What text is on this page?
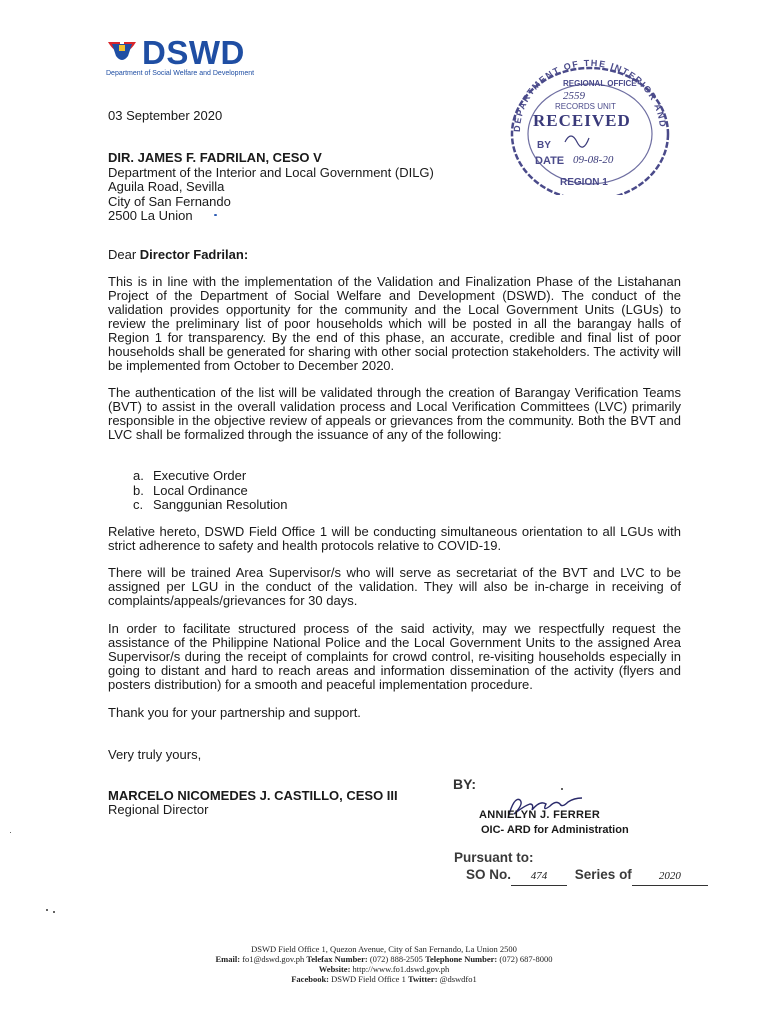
DSWD
Department of Social Welfare and Development
DEPARTMENT OF THE INTERIOR AND
REGIONAL OFFICE
2559
RECORDS UNIT
RECEIVED
BY
DATE 09-08-20
REGION 1
03 September 2020
DIR. JAMES F. FADRILAN, CESO V
Department of the Interior and Local Government (DILG)
Aguila Road, Sevilla
City of San Fernando
2500 La Union
Dear Director Fadrilan:
This is in line with the implementation of the Validation and Finalization Phase of the Listahanan Project of the Department of Social Welfare and Development (DSWD). The conduct of the validation provides opportunity for the community and the Local Government Units (LGUs) to review the preliminary list of poor households which will be posted in all the barangay halls of Region 1 for transparency. By the end of this phase, an accurate, credible and final list of poor households shall be generated for sharing with other social protection stakeholders. The activity will be implemented from October to December 2020.
The authentication of the list will be validated through the creation of Barangay Verification Teams (BVT) to assist in the overall validation process and Local Verification Committees (LVC) primarily responsible in the objective review of appeals or grievances from the community. Both the BVT and LVC shall be formalized through the issuance of any of the following:
a. Executive Order
b. Local Ordinance
c. Sanggunian Resolution
Relative hereto, DSWD Field Office 1 will be conducting simultaneous orientation to all LGUs with strict adherence to safety and health protocols relative to COVID-19.
There will be trained Area Supervisor/s who will serve as secretariat of the BVT and LVC to be assigned per LGU in the conduct of the validation. They will also be in-charge in receiving of complaints/appeals/grievances for 30 days.
In order to facilitate structured process of the said activity, may we respectfully request the assistance of the Philippine National Police and the Local Government Units to the assigned Area Supervisor/s during the receipt of complaints for crowd control, re-visiting households especially in going to distant and hard to reach areas and information dissemination of the activity (flyers and posters distribution) for a smooth and peaceful implementation procedure.
Thank you for your partnership and support.
Very truly yours,
MARCELO NICOMEDES J. CASTILLO, CESO III
Regional Director
BY:
ANNIELYN J. FERRER
OIC- ARD for Administration
Pursuant to:
SO No. 474 Series of 2020
DSWD Field Office 1, Quezon Avenue, City of San Fernando, La Union 2500
Email: fo1@dswd.gov.ph Telefax Number: (072) 888-2505 Telephone Number: (072) 687-8000
Website: http://www.fo1.dswd.gov.ph
Facebook: DSWD Field Office 1 Twitter: @dswdfo1
